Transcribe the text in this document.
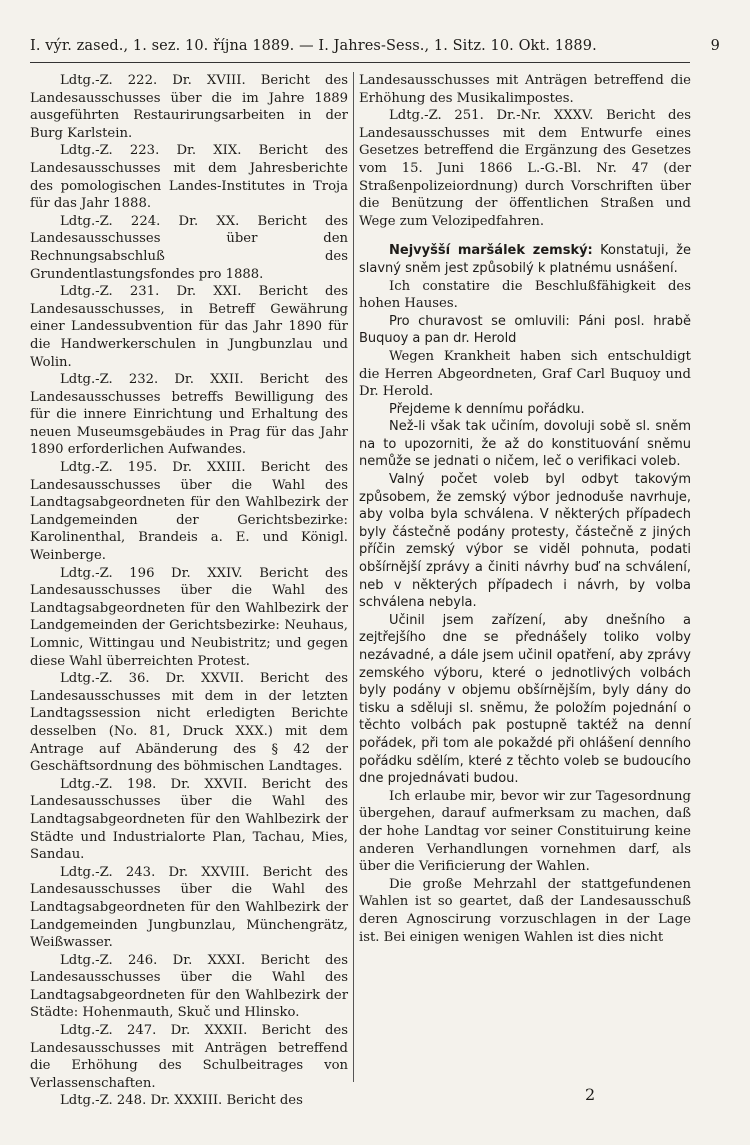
I. výr. zased., 1. sez. 10. října 1889. — I. Jahres-Sess., 1. Sitz. 10. Okt. 1889.	9

Ldtg.-Z. 222. Dr. XVIII. Bericht des Landesausschusses über die im Jahre 1889 ausgeführten Restaurirungsarbeiten in der Burg Karlstein.

Ldtg.-Z. 223. Dr. XIX. Bericht des Landesausschusses mit dem Jahresberichte des pomologischen Landes-Institutes in Troja für das Jahr 1888.

Ldtg.-Z. 224. Dr. XX. Bericht des Landesausschusses über den Rechnungsabschluß des Grundentlastungsfondes pro 1888.

Ldtg.-Z. 231. Dr. XXI. Bericht des Landesausschusses, in Betreff Gewährung einer Landessubvention für das Jahr 1890 für die Handwerkerschulen in Jungbunzlau und Wolin.

Ldtg.-Z. 232. Dr. XXII. Bericht des Landesausschusses betreffs Bewilligung des für die innere Einrichtung und Erhaltung des neuen Museumsgebäudes in Prag für das Jahr 1890 erforderlichen Aufwandes.

Ldtg.-Z. 195. Dr. XXIII. Bericht des Landesausschusses über die Wahl des Landtagsabgeordneten für den Wahlbezirk der Landgemeinden der Gerichtsbezirke: Karolinenthal, Brandeis a. E. und Königl. Weinberge.

Ldtg.-Z. 196 Dr. XXIV. Bericht des Landesausschusses über die Wahl des Landtagsabgeordneten für den Wahlbezirk der Landgemeinden der Gerichtsbezirke: Neuhaus, Lomnic, Wittingau und Neubistritz; und gegen diese Wahl überreichten Protest.

Ldtg.-Z. 36. Dr. XXVII. Bericht des Landesausschusses mit dem in der letzten Landtagssession nicht erledigten Berichte desselben (No. 81, Druck XXX.) mit dem Antrage auf Abänderung des § 42 der Geschäftsordnung des böhmischen Landtages.

Ldtg.-Z. 198. Dr. XXVII. Bericht des Landesausschusses über die Wahl des Landtagsabgeordneten für den Wahlbezirk der Städte und Industrialorte Plan, Tachau, Mies, Sandau.

Ldtg.-Z. 243. Dr. XXVIII. Bericht des Landesausschusses über die Wahl des Landtagsabgeordneten für den Wahlbezirk der Landgemeinden Jungbunzlau, Münchengrätz, Weißwasser.

Ldtg.-Z. 246. Dr. XXXI. Bericht des Landesausschusses über die Wahl des Landtagsabgeordneten für den Wahlbezirk der Städte: Hohenmauth, Skuč und Hlinsko.

Ldtg.-Z. 247. Dr. XXXII. Bericht des Landesausschusses mit Anträgen betreffend die Erhöhung des Schulbeitrages von Verlassenschaften.

Ldtg.-Z. 248. Dr. XXXIII. Bericht des

Landesausschusses mit Anträgen betreffend die Erhöhung des Musikalimpostes.

Ldtg.-Z. 251. Dr.-Nr. XXXV. Bericht des Landesausschusses mit dem Entwurfe eines Gesetzes betreffend die Ergänzung des Gesetzes vom 15. Juni 1866 L.-G.-Bl. Nr. 47 (der Straßenpolizeiordnung) durch Vorschriften über die Benützung der öffentlichen Straßen und Wege zum Velozipedfahren.

Nejvyšší maršálek zemský: Konstatuji, že slavný sněm jest způsobilý k platnému usnášení.

Ich constatire die Beschlußfähigkeit des hohen Hauses.

Pro churavost se omluvili: Páni posl. hrabě Buquoy a pan dr. Herold

Wegen Krankheit haben sich entschuldigt die Herren Abgeordneten, Graf Carl Buquoy und Dr. Herold.

Přejdeme k dennímu pořádku.

Než-li však tak učiním, dovoluji sobě sl. sněm na to upozorniti, že až do konstituování sněmu nemůže se jednati o ničem, leč o verifikaci voleb.

Valný počet voleb byl odbyt takovým způsobem, že zemský výbor jednoduše navrhuje, aby volba byla schválena. V některých případech byly částečně podány protesty, částečně z jiných příčin zemský výbor se viděl pohnuta, podati obšírnější zprávy a činiti návrhy buď na schválení, neb v některých případech i návrh, by volba schválena nebyla.

Učinil jsem zařízení, aby dnešního a zejtřejšího dne se přednášely toliko volby nezávadné, a dále jsem učinil opatření, aby zprávy zemského výboru, které o jednotlivých volbách byly podány v objemu obšírnějším, byly dány do tisku a sděluji sl. sněmu, že položím pojednání o těchto volbách pak postupně taktéž na denní pořádek, při tom ale pokaždé při ohlášení denního pořádku sdělím, které z těchto voleb se budoucího dne projednávati budou.

Ich erlaube mir, bevor wir zur Tagesordnung übergehen, darauf aufmerksam zu machen, daß der hohe Landtag vor seiner Constituirung keine anderen Verhandlungen vornehmen darf, als über die Verificierung der Wahlen.

Die große Mehrzahl der stattgefundenen Wahlen ist so geartet, daß der Landesausschuß deren Agnoscirung vorzuschlagen in der Lage ist. Bei einigen wenigen Wahlen ist dies nicht

2
